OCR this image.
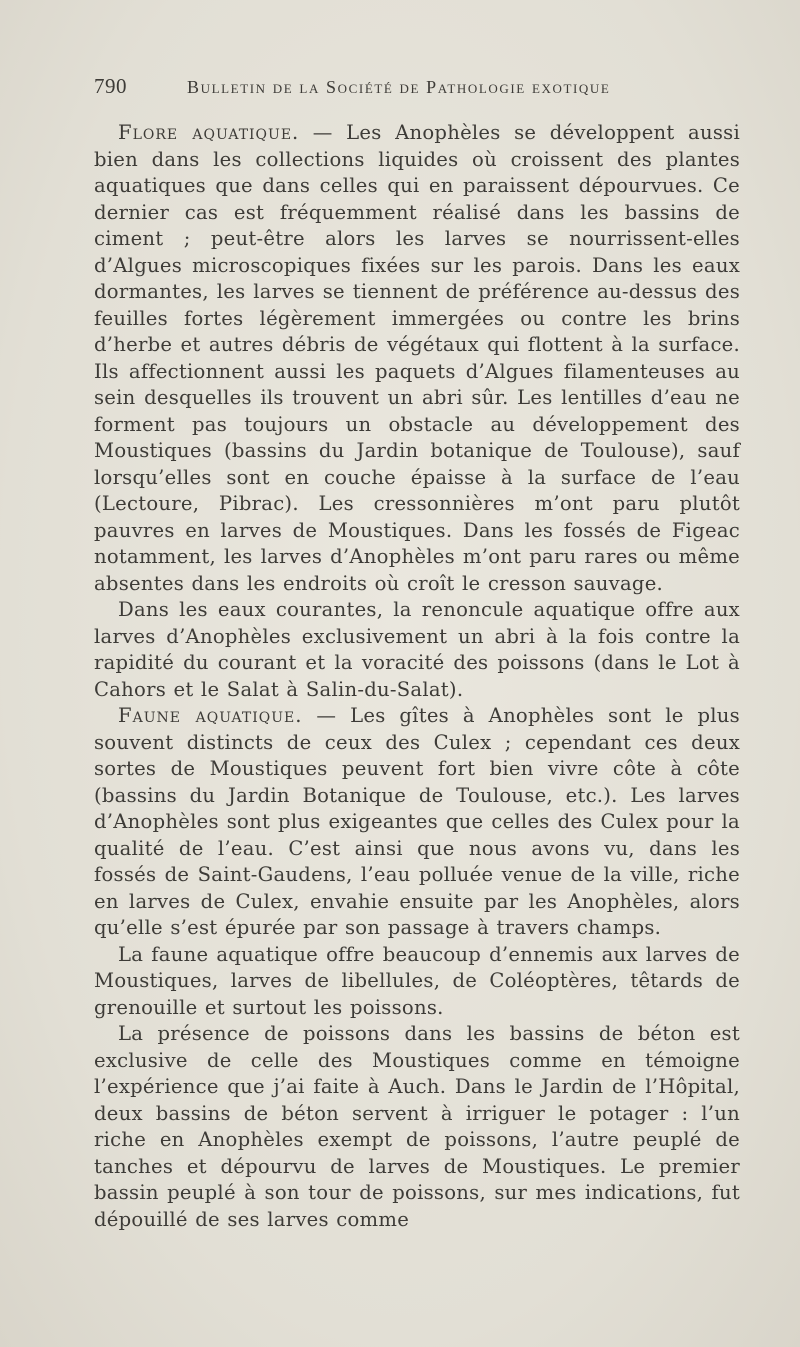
790	Bulletin de la Société de Pathologie exotique

Flore aquatique. — Les Anophèles se développent aussi bien dans les collections liquides où croissent des plantes aquatiques que dans celles qui en paraissent dépourvues. Ce dernier cas est fréquemment réalisé dans les bassins de ciment ; peut-être alors les larves se nourrissent-elles d’Algues microscopiques fixées sur les parois. Dans les eaux dormantes, les larves se tiennent de préférence au-dessus des feuilles fortes légèrement immergées ou contre les brins d’herbe et autres débris de végétaux qui flottent à la surface. Ils affectionnent aussi les paquets d’Algues filamenteuses au sein desquelles ils trouvent un abri sûr. Les lentilles d’eau ne forment pas toujours un obstacle au développement des Moustiques (bassins du Jardin botanique de Toulouse), sauf lorsqu’elles sont en couche épaisse à la surface de l’eau (Lectoure, Pibrac). Les cressonnières m’ont paru plutôt pauvres en larves de Moustiques. Dans les fossés de Figeac notamment, les larves d’Anophèles m’ont paru rares ou même absentes dans les endroits où croît le cresson sauvage.

Dans les eaux courantes, la renoncule aquatique offre aux larves d’Anophèles exclusivement un abri à la fois contre la rapidité du courant et la voracité des poissons (dans le Lot à Cahors et le Salat à Salin-du-Salat).

Faune aquatique. — Les gîtes à Anophèles sont le plus souvent distincts de ceux des Culex ; cependant ces deux sortes de Moustiques peuvent fort bien vivre côte à côte (bassins du Jardin Botanique de Toulouse, etc.). Les larves d’Anophèles sont plus exigeantes que celles des Culex pour la qualité de l’eau. C’est ainsi que nous avons vu, dans les fossés de Saint-Gaudens, l’eau polluée venue de la ville, riche en larves de Culex, envahie ensuite par les Anophèles, alors qu’elle s’est épurée par son passage à travers champs.

La faune aquatique offre beaucoup d’ennemis aux larves de Moustiques, larves de libellules, de Coléoptères, têtards de grenouille et surtout les poissons.

La présence de poissons dans les bassins de béton est exclusive de celle des Moustiques comme en témoigne l’expérience que j’ai faite à Auch. Dans le Jardin de l’Hôpital, deux bassins de béton servent à irriguer le potager : l’un riche en Anophèles exempt de poissons, l’autre peuplé de tanches et dépourvu de larves de Moustiques. Le premier bassin peuplé à son tour de poissons, sur mes indications, fut dépouillé de ses larves comme
